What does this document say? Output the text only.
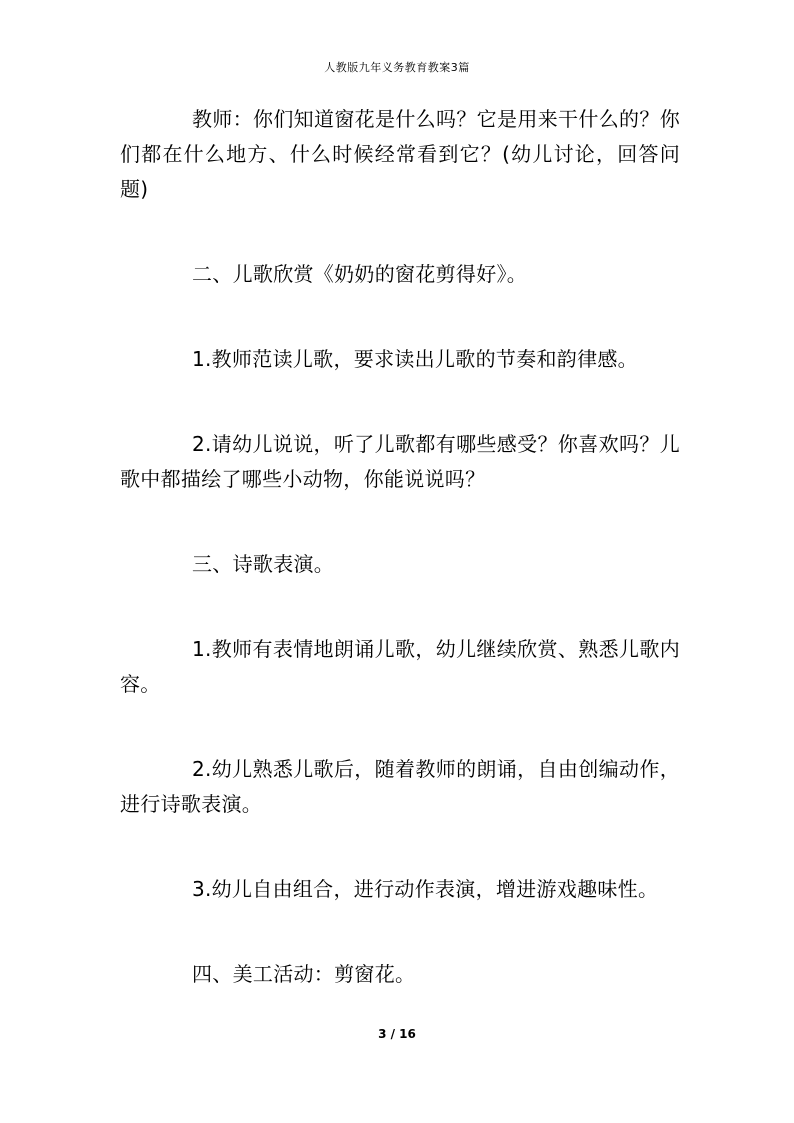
人教版九年义务教育教案3篇

教师：你们知道窗花是什么吗？它是用来干什么的？你们都在什么地方、什么时候经常看到它？(幼儿讨论，回答问题)

二、儿歌欣赏《奶奶的窗花剪得好》。

1.教师范读儿歌，要求读出儿歌的节奏和韵律感。

2.请幼儿说说，听了儿歌都有哪些感受？你喜欢吗？儿歌中都描绘了哪些小动物，你能说说吗？

三、诗歌表演。

1.教师有表情地朗诵儿歌，幼儿继续欣赏、熟悉儿歌内容。

2.幼儿熟悉儿歌后，随着教师的朗诵，自由创编动作，进行诗歌表演。

3.幼儿自由组合，进行动作表演，增进游戏趣味性。

四、美工活动：剪窗花。

3 / 16
